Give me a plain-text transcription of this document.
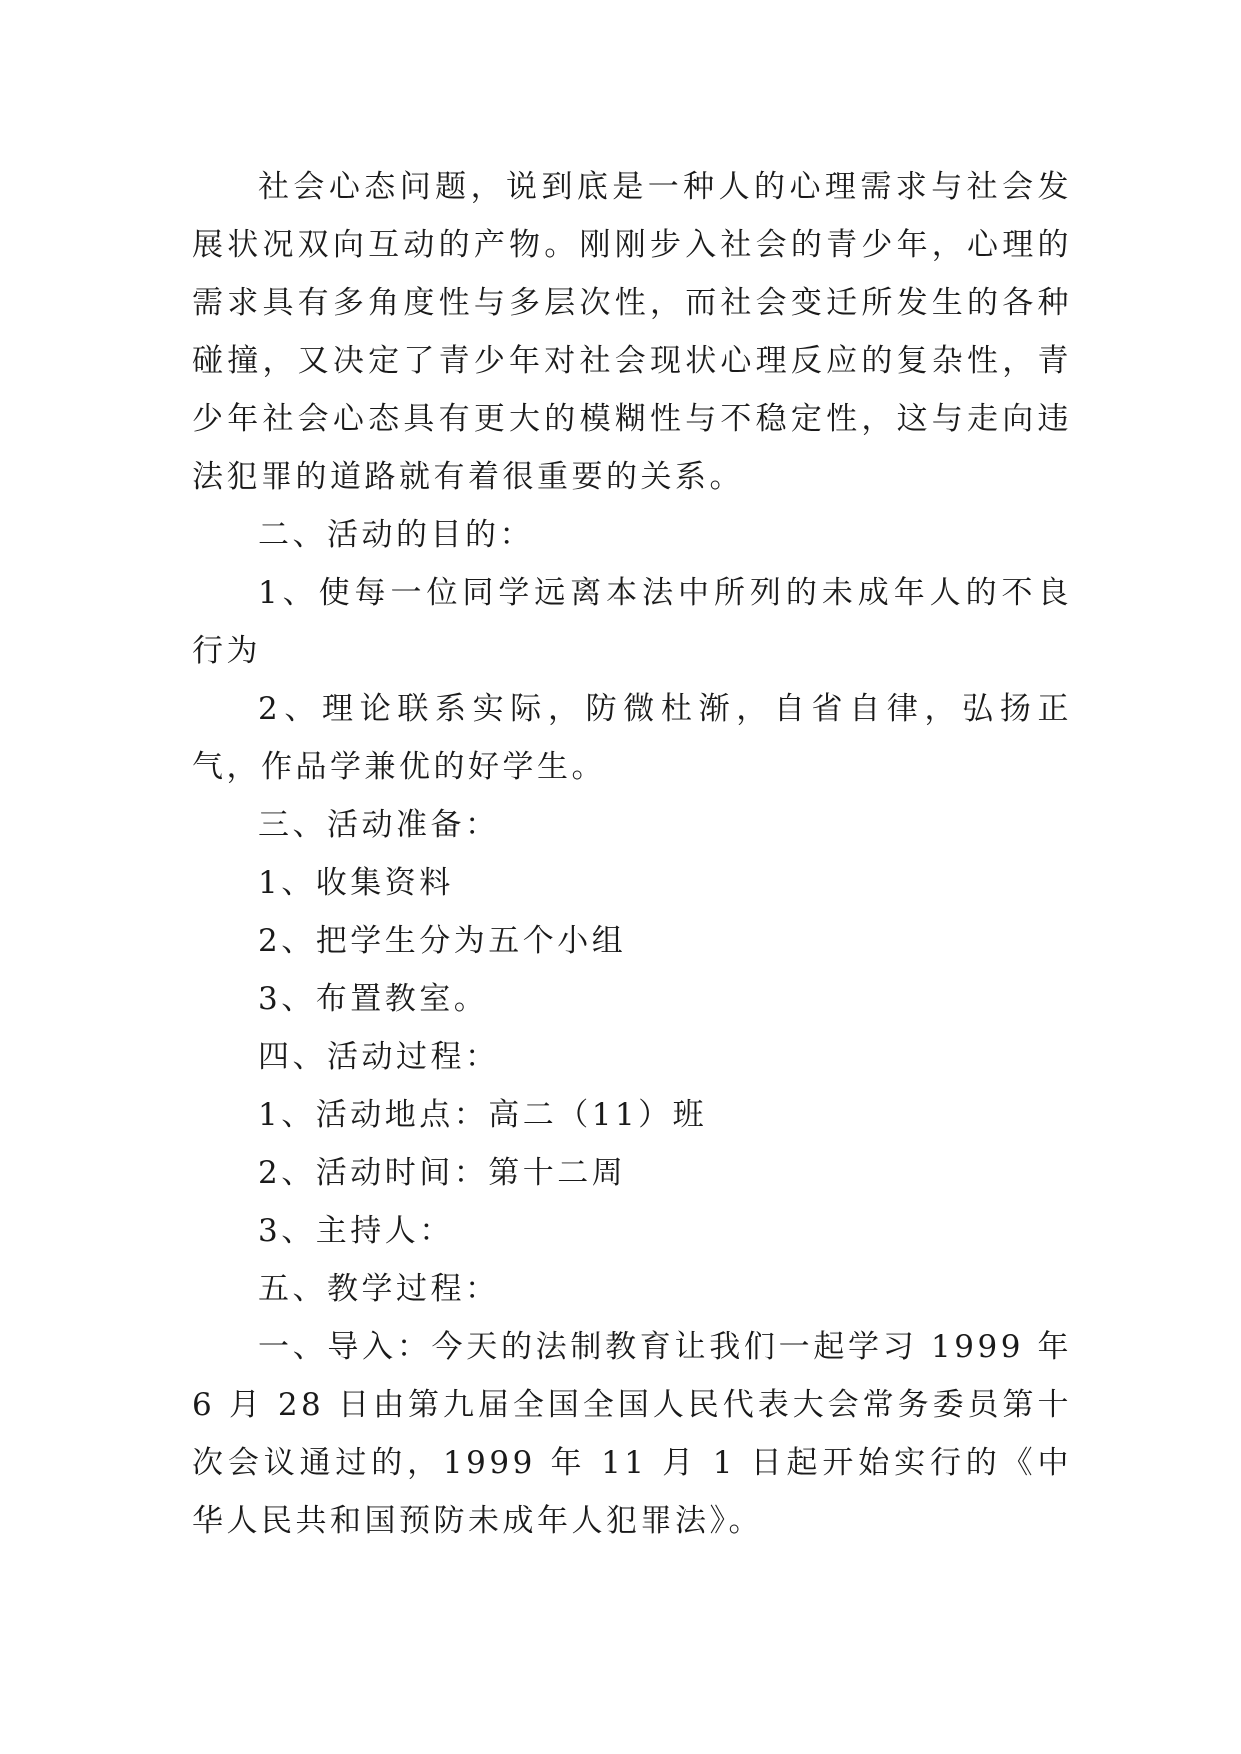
社会心态问题，说到底是一种人的心理需求与社会发展状况双向互动的产物。刚刚步入社会的青少年，心理的需求具有多角度性与多层次性，而社会变迁所发生的各种碰撞，又决定了青少年对社会现状心理反应的复杂性，青少年社会心态具有更大的模糊性与不稳定性，这与走向违法犯罪的道路就有着很重要的关系。

二、活动的目的：

1、使每一位同学远离本法中所列的未成年人的不良行为

2、理论联系实际，防微杜渐，自省自律，弘扬正气，作品学兼优的好学生。

三、活动准备：

1、收集资料

2、把学生分为五个小组

3、布置教室。

四、活动过程：

1、活动地点：高二（11）班

2、活动时间：第十二周

3、主持人：

五、教学过程：

一、导入：今天的法制教育让我们一起学习 1999 年 6 月 28 日由第九届全国全国人民代表大会常务委员第十次会议通过的，1999 年 11 月 1 日起开始实行的《中华人民共和国预防未成年人犯罪法》。
